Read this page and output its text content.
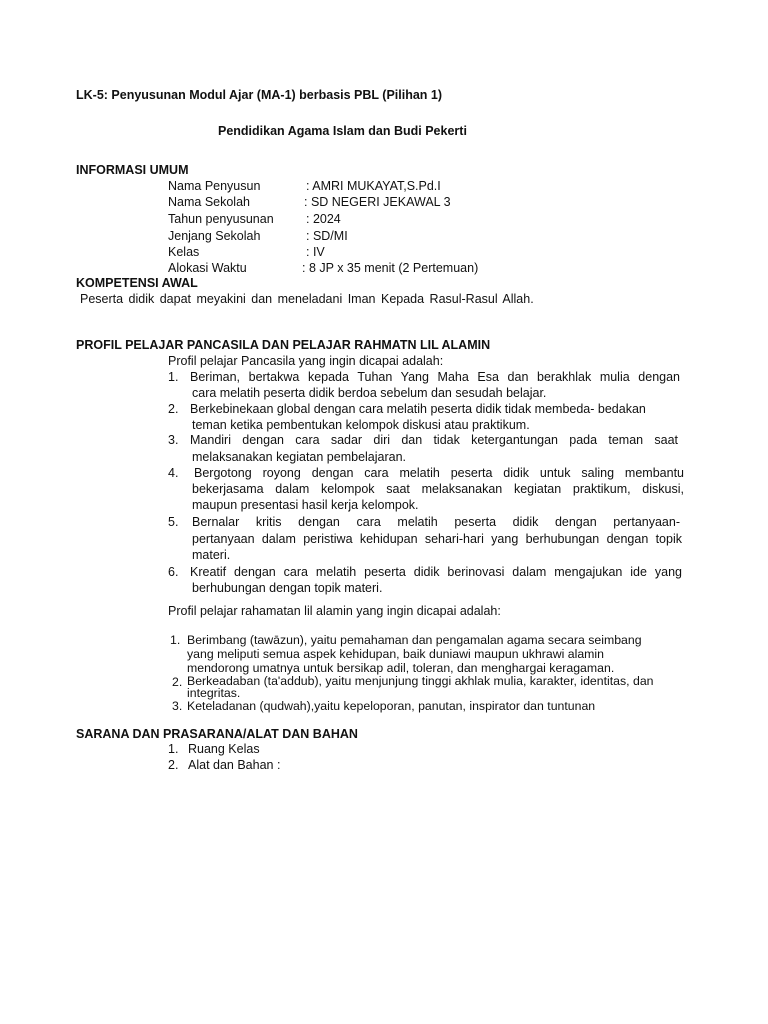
LK-5: Penyusunan Modul Ajar (MA-1) berbasis PBL (Pilihan 1)
Pendidikan Agama Islam dan Budi Pekerti
INFORMASI UMUM
Nama Penyusun	: AMRI MUKAYAT,S.Pd.I
Nama Sekolah	: SD NEGERI JEKAWAL 3
Tahun penyusunan	: 2024
Jenjang Sekolah	: SD/MI
Kelas	: IV
Alokasi Waktu	: 8 JP x 35 menit (2 Pertemuan)
KOMPETENSI AWAL
Peserta didik dapat meyakini dan meneladani Iman Kepada Rasul-Rasul Allah.
PROFIL PELAJAR PANCASILA DAN PELAJAR RAHMATN LIL ALAMIN
Profil pelajar Pancasila yang ingin dicapai adalah:
1. Beriman, bertakwa kepada Tuhan Yang Maha Esa dan berakhlak mulia dengan
cara melatih peserta didik berdoa sebelum dan sesudah belajar.
2. Berkebinekaan global dengan cara melatih peserta didik tidak membeda- bedakan
teman ketika pembentukan kelompok diskusi atau praktikum.
3. Mandiri dengan cara sadar diri dan tidak ketergantungan pada teman saat
melaksanakan kegiatan pembelajaran.
4. Bergotong royong dengan cara melatih peserta didik untuk saling membantu
bekerjasama dalam kelompok saat melaksanakan kegiatan praktikum, diskusi,
maupun presentasi hasil kerja kelompok.
5. Bernalar kritis dengan cara melatih peserta didik dengan pertanyaan-
pertanyaan dalam peristiwa kehidupan sehari-hari yang berhubungan dengan topik
materi.
6. Kreatif dengan cara melatih peserta didik berinovasi dalam mengajukan ide yang
berhubungan dengan topik materi.
Profil pelajar rahamatan lil alamin yang ingin dicapai adalah:
1. Berimbang (tawāzun), yaitu pemahaman dan pengamalan agama secara seimbang
yang meliputi semua aspek kehidupan, baik duniawi maupun ukhrawi alamin
mendorong umatnya untuk bersikap adil, toleran, dan menghargai keragaman.
2. Berkeadaban (ta'addub), yaitu menjunjung tinggi akhlak mulia, karakter, identitas, dan
integritas.
3. Keteladanan (qudwah),yaitu kepeloporan, panutan, inspirator dan tuntunan
SARANA DAN PRASARANA/ALAT DAN BAHAN
1. Ruang Kelas
2. Alat dan Bahan :
